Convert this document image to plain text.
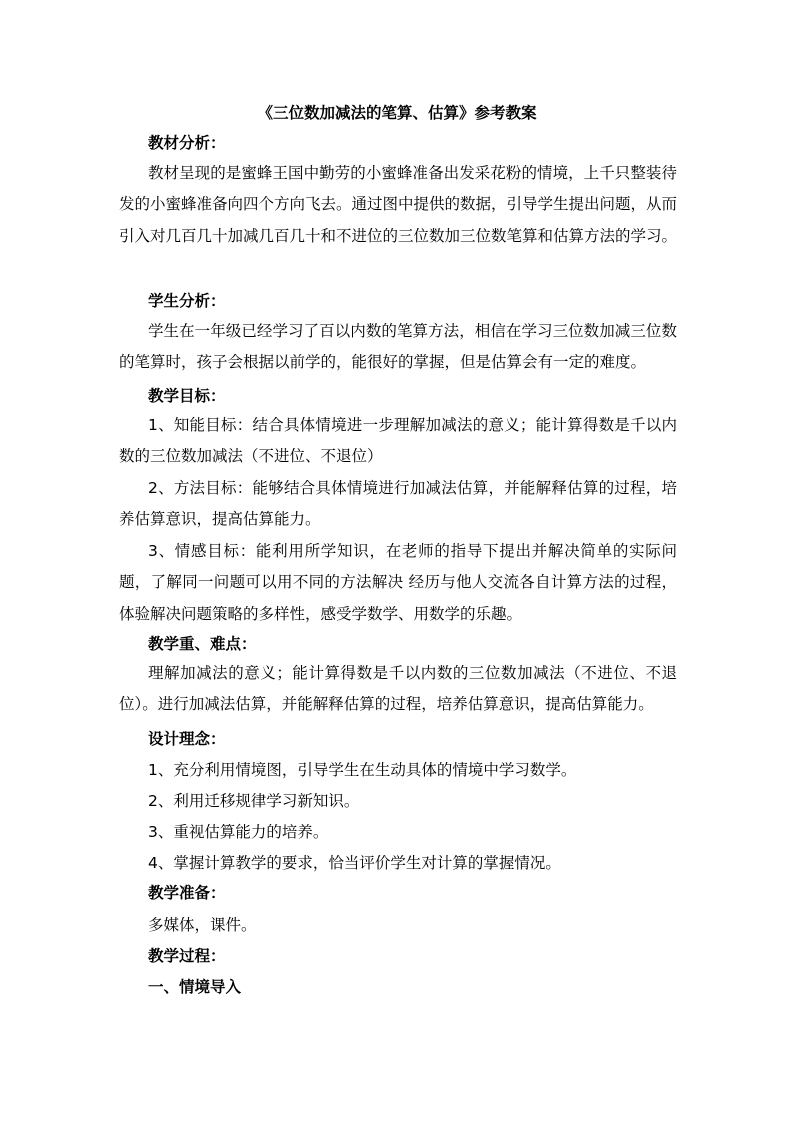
《三位数加减法的笔算、估算》参考教案
教材分析：
教材呈现的是蜜蜂王国中勤劳的小蜜蜂准备出发采花粉的情境，上千只整装待发的小蜜蜂准备向四个方向飞去。通过图中提供的数据，引导学生提出问题，从而引入对几百几十加减几百几十和不进位的三位数加三位数笔算和估算方法的学习。
学生分析：
学生在一年级已经学习了百以内数的笔算方法，相信在学习三位数加减三位数的笔算时，孩子会根据以前学的，能很好的掌握，但是估算会有一定的难度。
教学目标：
1、知能目标：结合具体情境进一步理解加减法的意义；能计算得数是千以内数的三位数加减法（不进位、不退位）
2、方法目标：能够结合具体情境进行加减法估算，并能解释估算的过程，培养估算意识，提高估算能力。
3、情感目标：能利用所学知识，在老师的指导下提出并解决简单的实际问题，了解同一问题可以用不同的方法解决 经历与他人交流各自计算方法的过程，体验解决问题策略的多样性，感受学数学、用数学的乐趣。
教学重、难点：
理解加减法的意义；能计算得数是千以内数的三位数加减法（不进位、不退位）。进行加减法估算，并能解释估算的过程，培养估算意识，提高估算能力。
设计理念：
1、充分利用情境图，引导学生在生动具体的情境中学习数学。
2、利用迁移规律学习新知识。
3、重视估算能力的培养。
4、掌握计算教学的要求，恰当评价学生对计算的掌握情况。
教学准备：
多媒体，课件。
教学过程：
一、情境导入
